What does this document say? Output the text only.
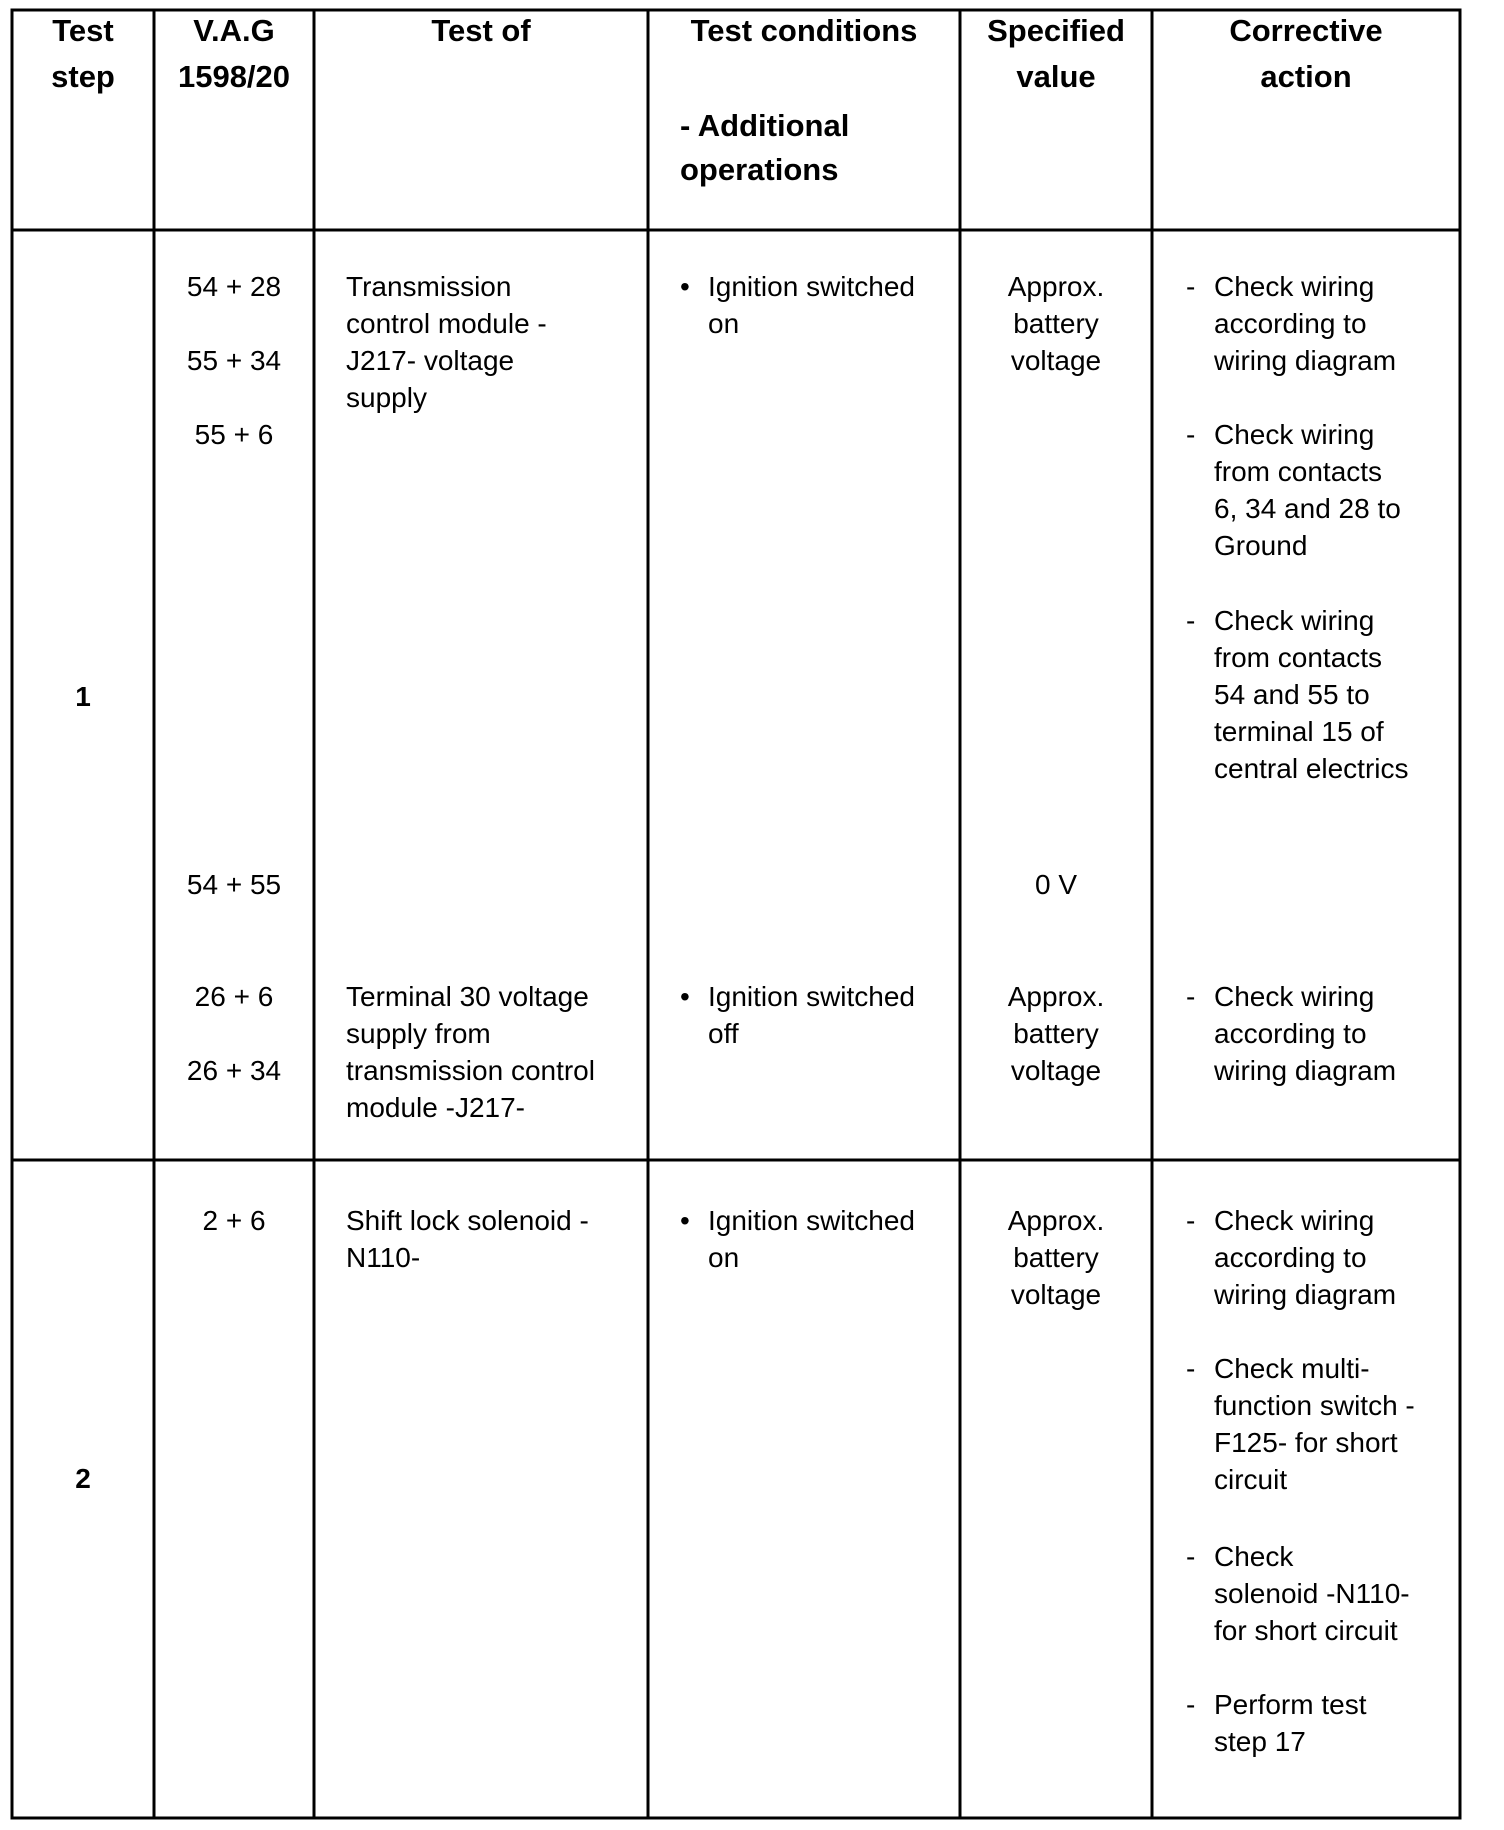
Test
step
V.A.G
1598/20
Test of	Test conditions
- Additional
operations
Specified
value
Corrective
action
1
54 + 28
55 + 34
55 + 6
54 + 55
26 + 6
26 + 34
Transmission
control module -
J217- voltage
supply
Terminal 30 voltage
supply from
transmission control
module -J217-
• Ignition switched
on
• Ignition switched
off
Approx.
battery
voltage
0 V
Approx.
battery
voltage
- Check wiring
according to
wiring diagram
- Check wiring
from contacts
6, 34 and 28 to
Ground
- Check wiring
from contacts
54 and 55 to
terminal 15 of
central electrics
- Check wiring
according to
wiring diagram
2
2 + 6	Shift lock solenoid -
N110-
• Ignition switched
on
Approx.
battery
voltage
- Check wiring
according to
wiring diagram
- Check multi-
function switch -
F125- for short
circuit
- Check
solenoid -N110-
for short circuit
- Perform test
step 17
